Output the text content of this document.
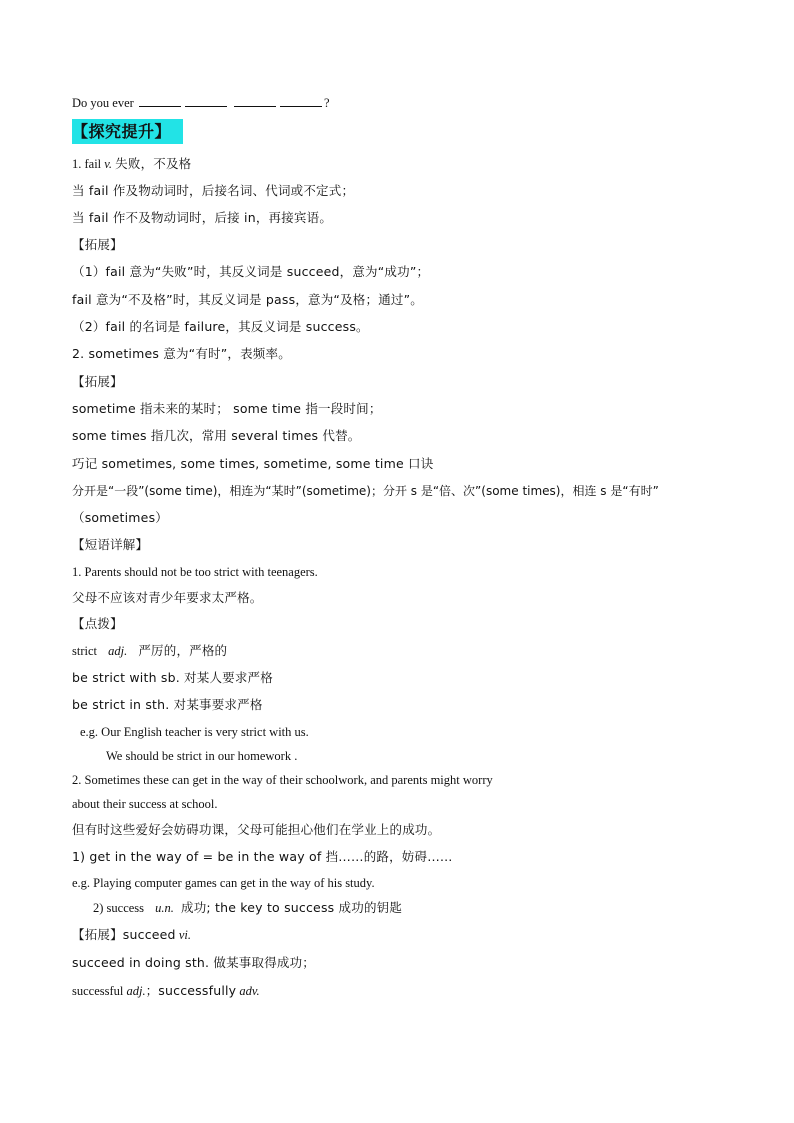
Do you ever	?
【探究提升】
1. fail v. 失败，不及格
当 fail 作及物动词时，后接名词、代词或不定式；
当 fail 作不及物动词时，后接 in，再接宾语。
【拓展】
（1）fail 意为“失败”时，其反义词是 succeed，意为“成功”；
fail 意为“不及格”时，其反义词是 pass，意为“及格；通过”。
（2）fail 的名词是 failure，其反义词是 success。
2. sometimes 意为“有时”，表频率。
【拓展】
sometime 指未来的某时； some time 指一段时间；
some times 指几次，常用 several times 代替。
巧记 sometimes, some times, sometime, some time 口诀
分开是“一段”(some time)，相连为“某时”(sometime)；分开 s 是“倍、次”(some times)，相连 s 是“有时”
（sometimes）
【短语详解】
1. Parents should not be too strict with teenagers.
父母不应该对青少年要求太严格。
【点拨】
strict adj. 严厉的，严格的
be strict with sb. 对某人要求严格
be strict in sth. 对某事要求严格
e.g. Our English teacher is very strict with us.
We should be strict in our homework .
2. Sometimes these can get in the way of their schoolwork, and parents might worry
about their success at school.
但有时这些爱好会妨碍功课，父母可能担心他们在学业上的成功。
1) get in the way of = be in the way of 挡……的路，妨碍……
e.g. Playing computer games can get in the way of his study.
2) success u.n. 成功; the key to success 成功的钥匙
【拓展】succeed vi.
succeed in doing sth. 做某事取得成功；
successful adj.；successfully adv.
